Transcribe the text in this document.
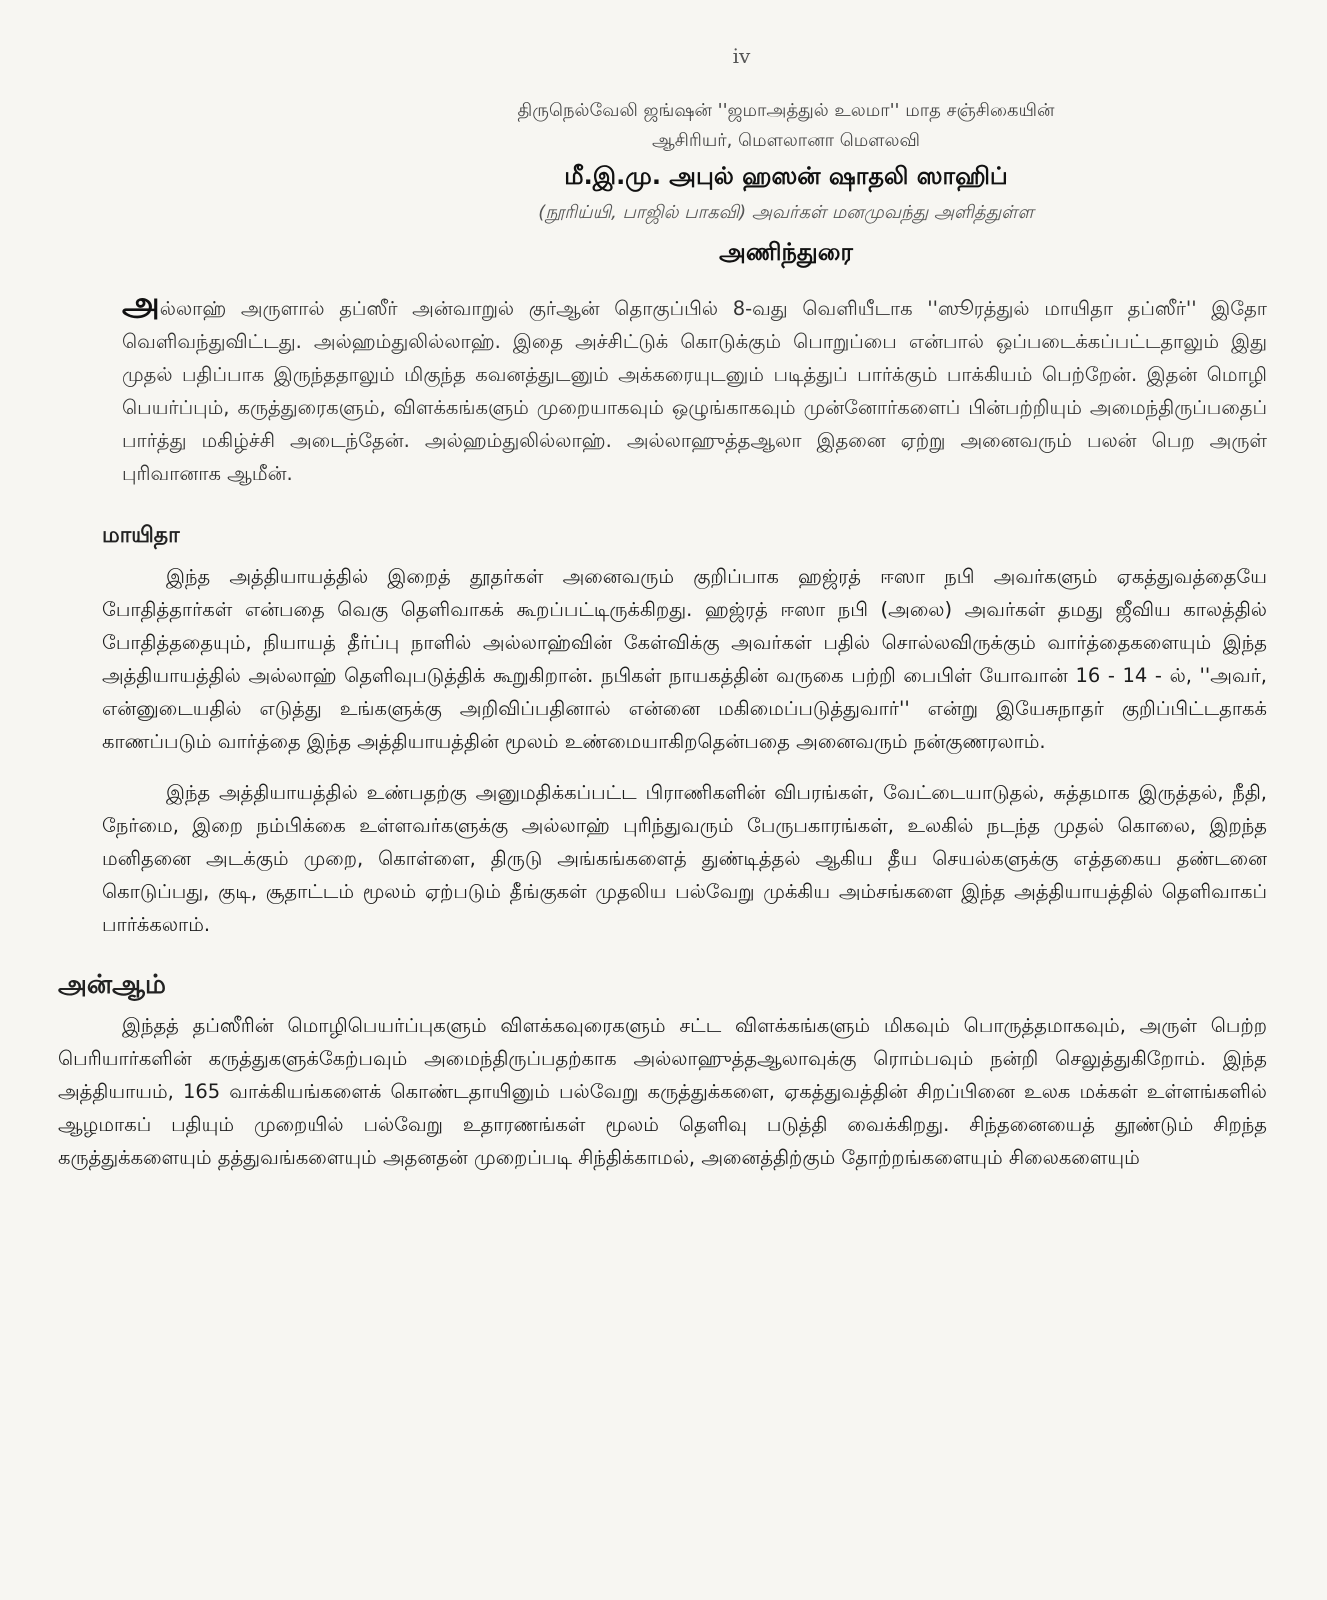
iv
திருநெல்வேலி ஜங்ஷன் ''ஜமாஅத்துல் உலமா'' மாத சஞ்சிகையின்
ஆசிரியர், மௌலானா மௌலவி
மீ.இ.மு. அபுல் ஹஸன் ஷாதலி ஸாஹிப்
(நூரிய்யி, பாஜில் பாகவி) அவர்கள் மனமுவந்து அளித்துள்ள
அணிந்துரை

அல்லாஹ் அருளால் தப்ஸீர் அன்வாறுல் குர்ஆன் தொகுப்பில் 8-வது வெளியீடாக ''ஸூரத்துல் மாயிதா தப்ஸீர்'' இதோ வெளிவந்துவிட்டது. அல்ஹம்துலில்லாஹ். இதை அச்சிட்டுக் கொடுக்கும் பொறுப்பை என்பால் ஒப்படைக்கப்பட்டதாலும் இது முதல் பதிப்பாக இருந்ததாலும் மிகுந்த கவனத்துடனும் அக்கரையுடனும் படித்துப் பார்க்கும் பாக்கியம் பெற்றேன். இதன் மொழி பெயர்ப்பும், கருத்துரைகளும், விளக்கங்களும் முறையாகவும் ஒழுங்காகவும் முன்னோர்களைப் பின்பற்றியும் அமைந்திருப்பதைப் பார்த்து மகிழ்ச்சி அடைந்தேன். அல்ஹம்துலில்லாஹ். அல்லாஹுத்தஆலா இதனை ஏற்று அனைவரும் பலன் பெற அருள் புரிவானாக ஆமீன்.

மாயிதா

இந்த அத்தியாயத்தில் இறைத் தூதர்கள் அனைவரும் குறிப்பாக ஹஜ்ரத் ஈஸா நபி அவர்களும் ஏகத்துவத்தையே போதித்தார்கள் என்பதை வெகு தெளிவாகக் கூறப்பட்டிருக்கிறது. ஹஜ்ரத் ஈஸா நபி (அலை) அவர்கள் தமது ஜீவிய காலத்தில் போதித்ததையும், நியாயத் தீர்ப்பு நாளில் அல்லாஹ்வின் கேள்விக்கு அவர்கள் பதில் சொல்லவிருக்கும் வார்த்தைகளையும் இந்த அத்தியாயத்தில் அல்லாஹ் தெளிவுபடுத்திக் கூறுகிறான். நபிகள் நாயகத்தின் வருகை பற்றி பைபிள் யோவான் 16 - 14 - ல், ''அவர், என்னுடையதில் எடுத்து உங்களுக்கு அறிவிப்பதினால் என்னை மகிமைப்படுத்துவார்'' என்று இயேசுநாதர் குறிப்பிட்டதாகக் காணப்படும் வார்த்தை இந்த அத்தியாயத்தின் மூலம் உண்மையாகிறதென்பதை அனைவரும் நன்குணரலாம்.

இந்த அத்தியாயத்தில் உண்பதற்கு அனுமதிக்கப்பட்ட பிராணிகளின் விபரங்கள், வேட்டையாடுதல், சுத்தமாக இருத்தல், நீதி, நேர்மை, இறை நம்பிக்கை உள்ளவர்களுக்கு அல்லாஹ் புரிந்துவரும் பேருபகாரங்கள், உலகில் நடந்த முதல் கொலை, இறந்த மனிதனை அடக்கும் முறை, கொள்ளை, திருடு அங்கங்களைத் துண்டித்தல் ஆகிய தீய செயல்களுக்கு எத்தகைய தண்டனை கொடுப்பது, குடி, சூதாட்டம் மூலம் ஏற்படும் தீங்குகள் முதலிய பல்வேறு முக்கிய அம்சங்களை இந்த அத்தியாயத்தில் தெளிவாகப் பார்க்கலாம்.

அன்ஆம்

இந்தத் தப்ஸீரின் மொழிபெயர்ப்புகளும் விளக்கவுரைகளும் சட்ட விளக்கங்களும் மிகவும் பொருத்தமாகவும், அருள் பெற்ற பெரியார்களின் கருத்துகளுக்கேற்பவும் அமைந்திருப்பதற்காக அல்லாஹுத்தஆலாவுக்கு ரொம்பவும் நன்றி செலுத்துகிறோம். இந்த அத்தியாயம், 165 வாக்கியங்களைக் கொண்டதாயினும் பல்வேறு கருத்துக்களை, ஏகத்துவத்தின் சிறப்பினை உலக மக்கள் உள்ளங்களில் ஆழமாகப் பதியும் முறையில் பல்வேறு உதாரணங்கள் மூலம் தெளிவு படுத்தி வைக்கிறது. சிந்தனையைத் தூண்டும் சிறந்த கருத்துக்களையும் தத்துவங்களையும் அதனதன் முறைப்படி சிந்திக்காமல், அனைத்திற்கும் தோற்றங்களையும் சிலைகளையும்
